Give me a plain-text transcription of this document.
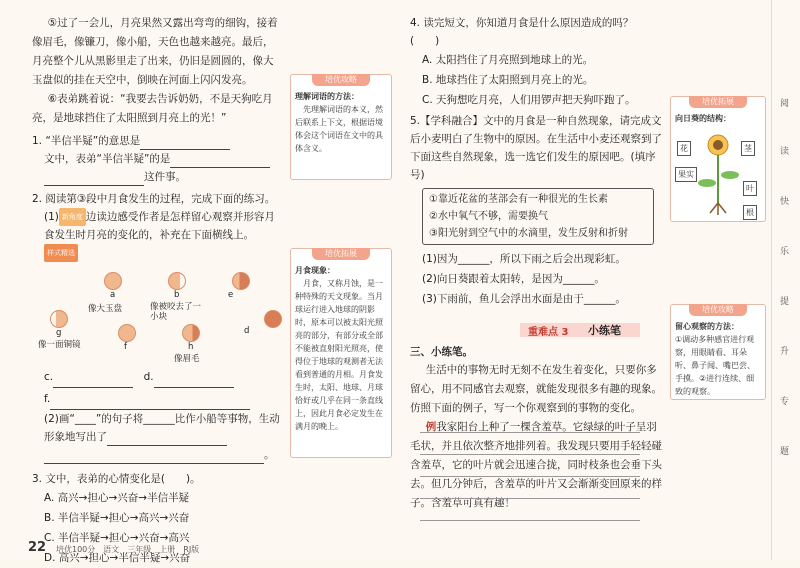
⑤过了一会儿，月亮果然又露出弯弯的细钩，接着像眉毛，像镰刀，像小船，天色也越来越亮。最后，月亮整个儿从黑影里走了出来，仍旧是圆圆的，像大玉盘似的挂在天空中，倒映在河面上闪闪发亮。

⑥表弟跳着说：“我要去告诉奶奶，不是天狗吃月亮，是地球挡住了太阳照到月亮上的光！”

1. “半信半疑”的意思是

文中，表弟“半信半疑”的是

这件事。

2. 阅读第③段中月食发生的过程，完成下面的练习。

(1) 新角度 边读边感受作者是怎样留心观察并形容月食发生时月亮的变化的，补充在下面横线上。 样式精选

a
像大玉盘
b
像被咬去了一小块
e
d
g
像一面铜镜	f	h
像眉毛

c.　	d.

f.

(2)画“____”的句子将______比作小船等事物，生动形象地写出了

。

3. 文中，表弟的心情变化是(　　)。

A. 高兴→担心→兴奋→半信半疑

B. 半信半疑→担心→高兴→兴奋

C. 半信半疑→担心→兴奋→高兴

D. 高兴→担心→半信半疑→兴奋

培优攻略
理解词语的方法：
先理解词语的本义，然后联系上下文，根据语境体会这个词语在文中的具体含义。
培优拓展
月食现象：
月食，又称月蚀，是一种特殊的天文现象。当月球运行进入地球的阴影时，原本可以被太阳光照亮的部分，有部分或全部不能被直射阳光照亮，使得位于地球的观测者无法看到普通的月相。月食发生时，太阳、地球、月球恰好或几乎在同一条直线上，因此月食必定发生在满月的晚上。

4. 读完短文，你知道月食是什么原因造成的吗？(　　)

A. 太阳挡住了月亮照到地球上的光。

B. 地球挡住了太阳照到月亮上的光。

C. 天狗想吃月亮，人们用锣声把天狗吓跑了。

5.【学科融合】文中的月食是一种自然现象，请完成文后小麦明白了生物中的原因。在生活中小麦还观察到了下面这些自然现象，选一选它们发生的原因吧。(填序号)

①靠近花盆的茎部会有一种很光的生长素
②水中氧气不够，需要换气
③阳光射到空气中的水滴里，发生反射和折射

(1)因为______，所以下雨之后会出现彩虹。

(2)向日葵跟着太阳转，是因为______。

(3)下雨前，鱼儿会浮出水面是由于______。

重难点 3 小练笔

三、小练笔。

生活中的事物无时无刻不在发生着变化，只要你多留心，用不同感官去观察，就能发现很多有趣的现象。仿照下面的例子，写一个你观察到的事物的变化。

例我家阳台上种了一棵含羞草。它绿绿的叶子呈羽毛状，并且依次整齐地排列着。我发现只要用手轻轻碰含羞草，它的叶片就会迅速合拢，同时枝条也会垂下头去。但几分钟后，含羞草的叶片又会渐渐变回原来的样子。含羞草可真有趣！

培优拓展
向日葵的结构：
花	茎
果实
叶
根
培优攻略
留心观察的方法：
①调动多种感官进行观察，用眼睛看、耳朵听、鼻子闻、嘴巴尝、手摸。②进行连续、细致的观察。
阅
读
快
乐
提
升
专
题
22 培优100分　语文　三年级　上册　RJ版
